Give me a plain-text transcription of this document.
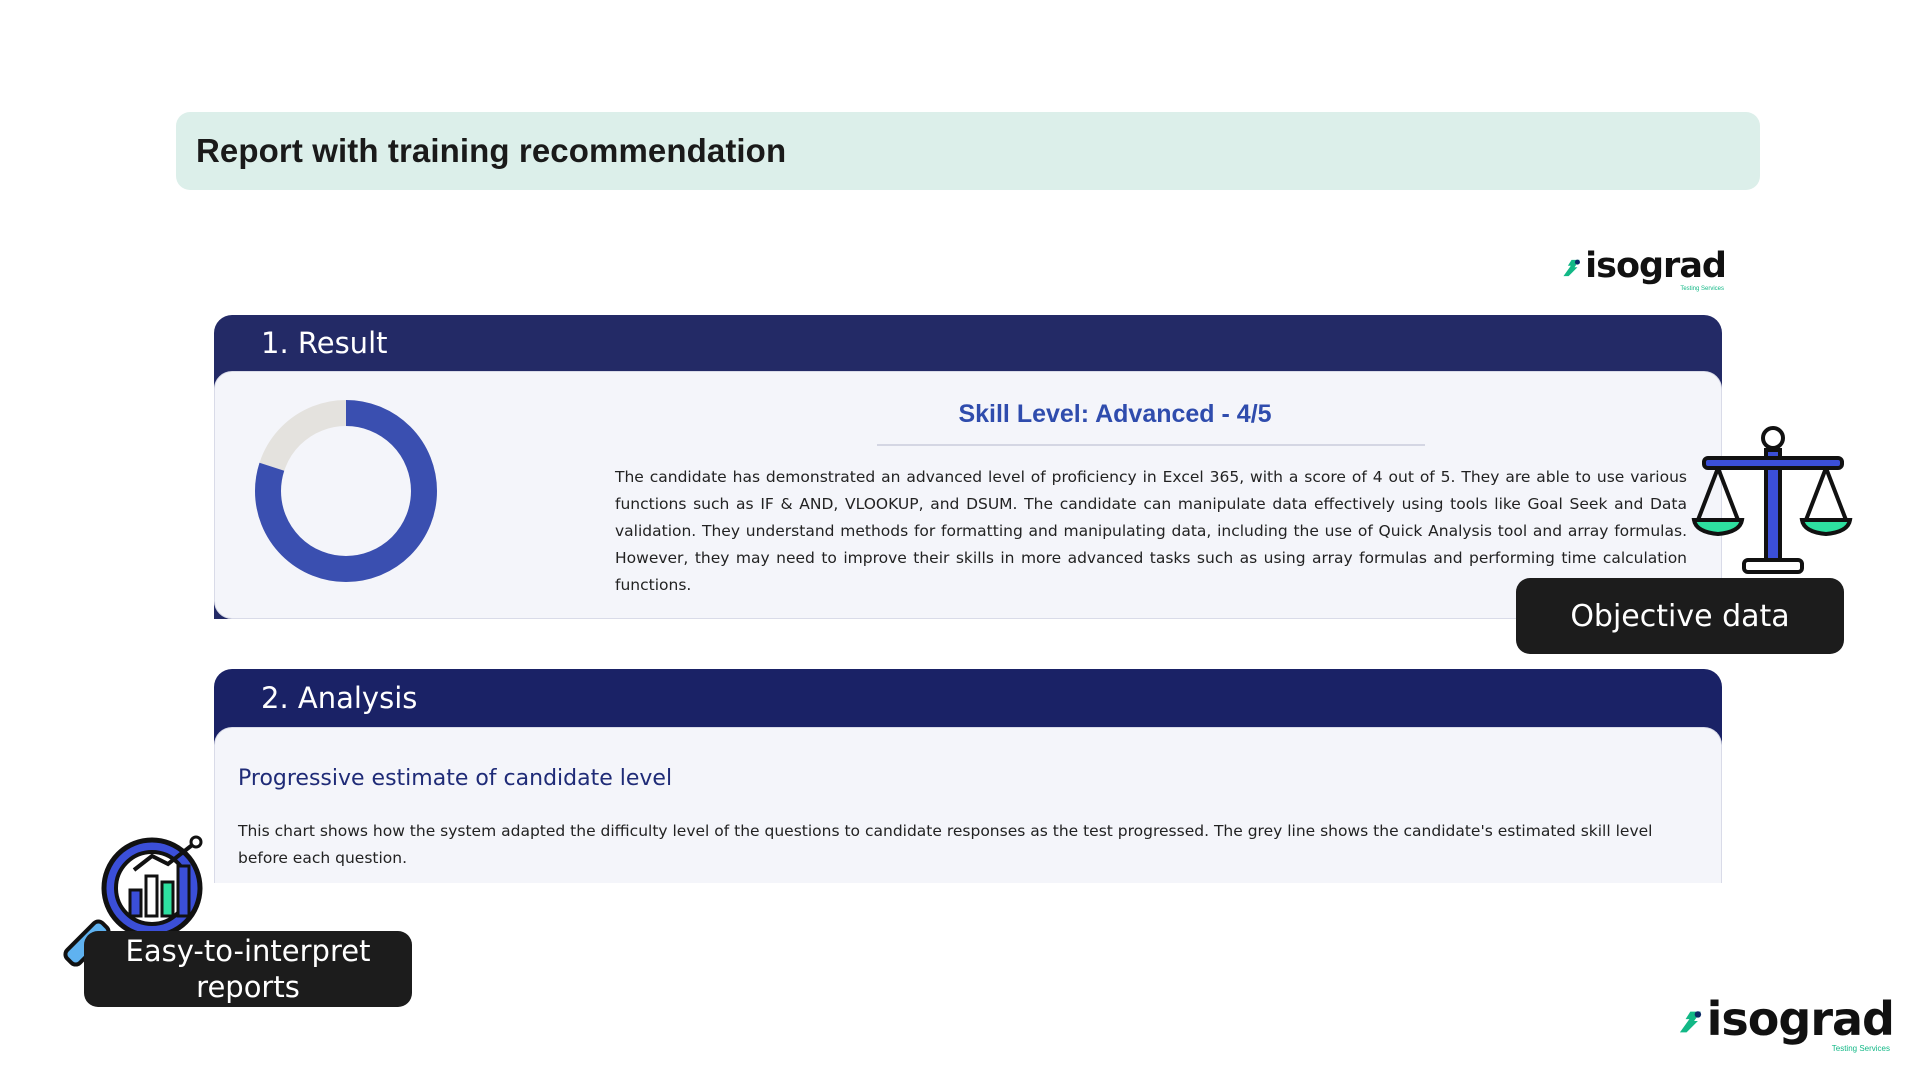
Report with training recommendation
isograd
Testing Services
1. Result
Skill Level: Advanced - 4/5
The candidate has demonstrated an advanced level of proficiency in Excel 365, with a score of 4 out of 5. They are able to use various functions such as IF & AND, VLOOKUP, and DSUM. The candidate can manipulate data effectively using tools like Goal Seek and Data validation. They understand methods for formatting and manipulating data, including the use of Quick Analysis tool and array formulas. However, they may need to improve their skills in more advanced tasks such as using array formulas and performing time calculation functions.
2. Analysis
Progressive estimate of candidate level
This chart shows how the system adapted the difficulty level of the questions to candidate responses as the test progressed. The grey line shows the candidate's estimated skill level before each question.
Objective data
Easy-to-interpret reports
isograd
Testing Services
